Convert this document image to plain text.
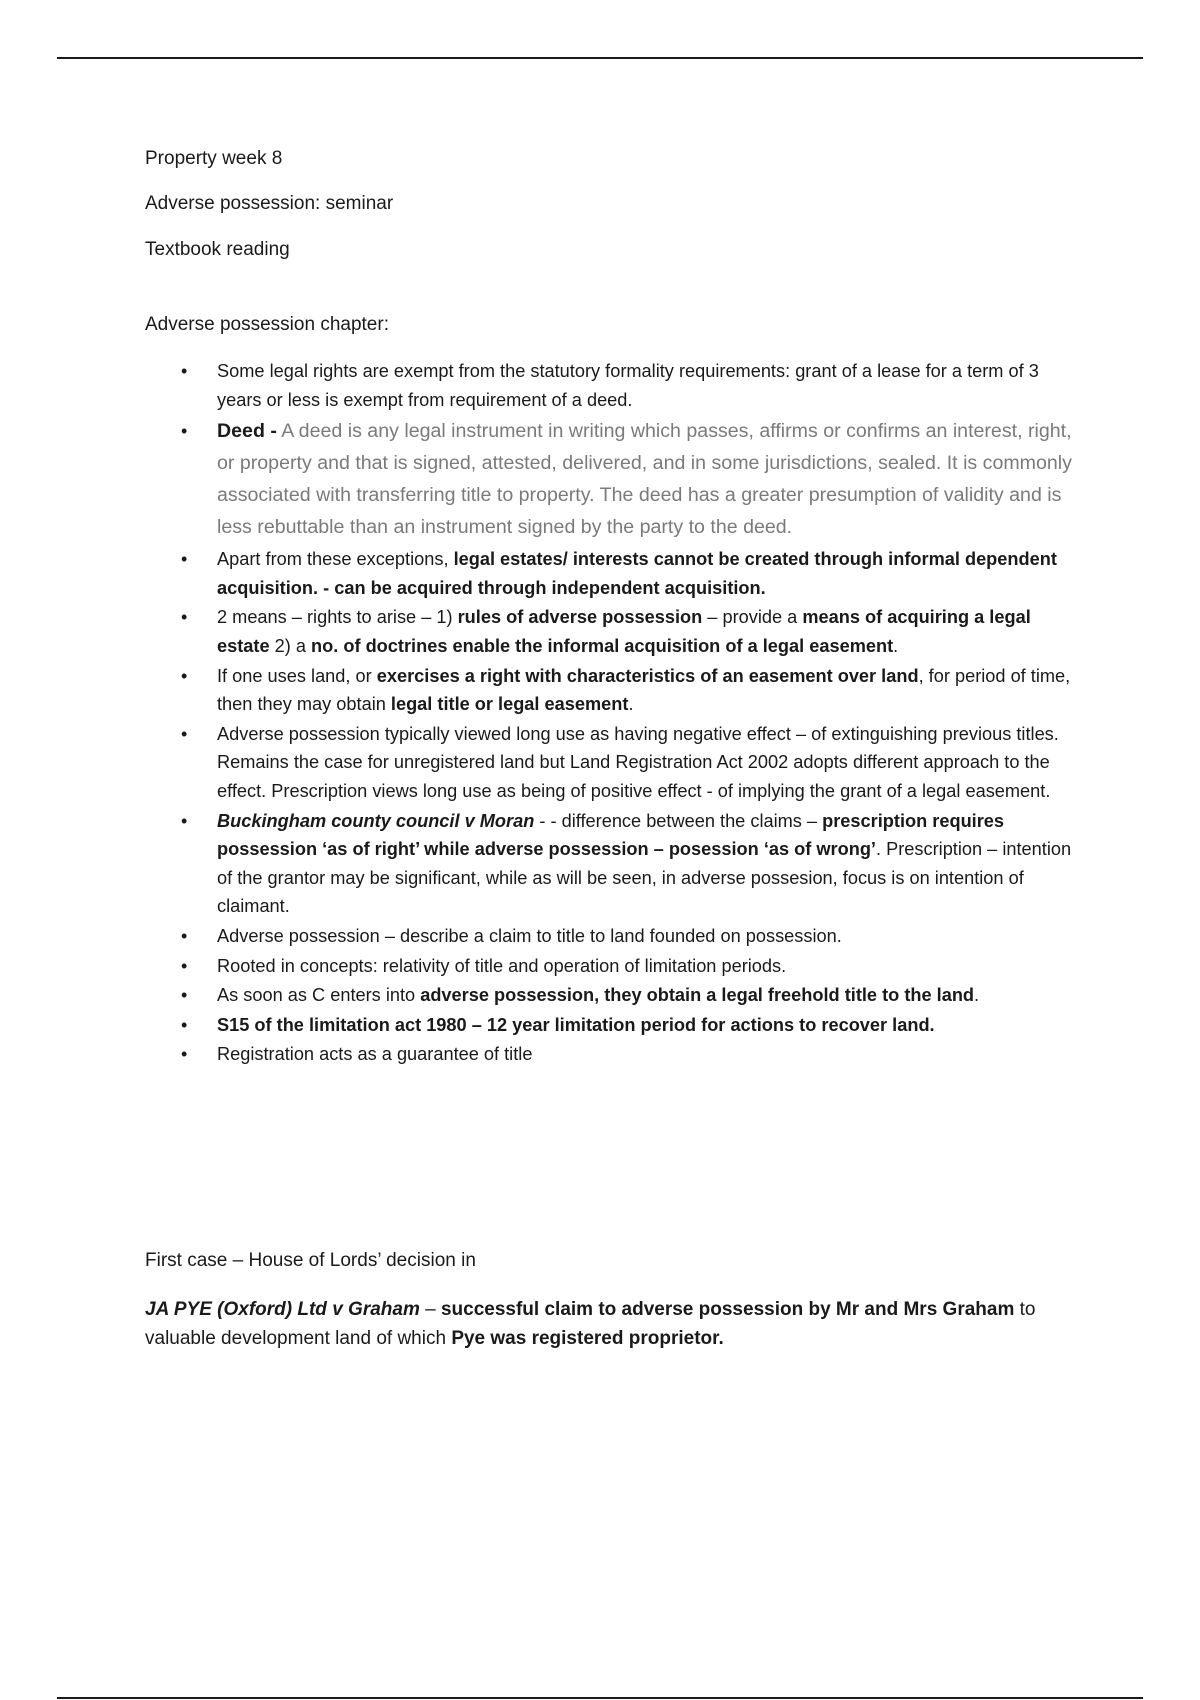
Property week 8

Adverse possession: seminar

Textbook reading

Adverse possession chapter:

• Some legal rights are exempt from the statutory formality requirements: grant of a lease for a term of 3 years or less is exempt from requirement of a deed.
• Deed - A deed is any legal instrument in writing which passes, affirms or confirms an interest, right, or property and that is signed, attested, delivered, and in some jurisdictions, sealed. It is commonly associated with transferring title to property. The deed has a greater presumption of validity and is less rebuttable than an instrument signed by the party to the deed.
• Apart from these exceptions, legal estates/ interests cannot be created through informal dependent acquisition. - can be acquired through independent acquisition.
• 2 means – rights to arise – 1) rules of adverse possession – provide a means of acquiring a legal estate 2) a no. of doctrines enable the informal acquisition of a legal easement.
• If one uses land, or exercises a right with characteristics of an easement over land, for period of time, then they may obtain legal title or legal easement.
• Adverse possession typically viewed long use as having negative effect – of extinguishing previous titles. Remains the case for unregistered land but Land Registration Act 2002 adopts different approach to the effect. Prescription views long use as being of positive effect - of implying the grant of a legal easement.
• Buckingham county council v Moran - - difference between the claims – prescription requires possession ‘as of right’ while adverse possession – posession ‘as of wrong’. Prescription – intention of the grantor may be significant, while as will be seen, in adverse possesion, focus is on intention of claimant.
• Adverse possession – describe a claim to title to land founded on possession.
• Rooted in concepts: relativity of title and operation of limitation periods.
• As soon as C enters into adverse possession, they obtain a legal freehold title to the land.
• S15 of the limitation act 1980 – 12 year limitation period for actions to recover land.
• Registration acts as a guarantee of title

First case – House of Lords’ decision in

JA PYE (Oxford) Ltd v Graham – successful claim to adverse possession by Mr and Mrs Graham to valuable development land of which Pye was registered proprietor.
